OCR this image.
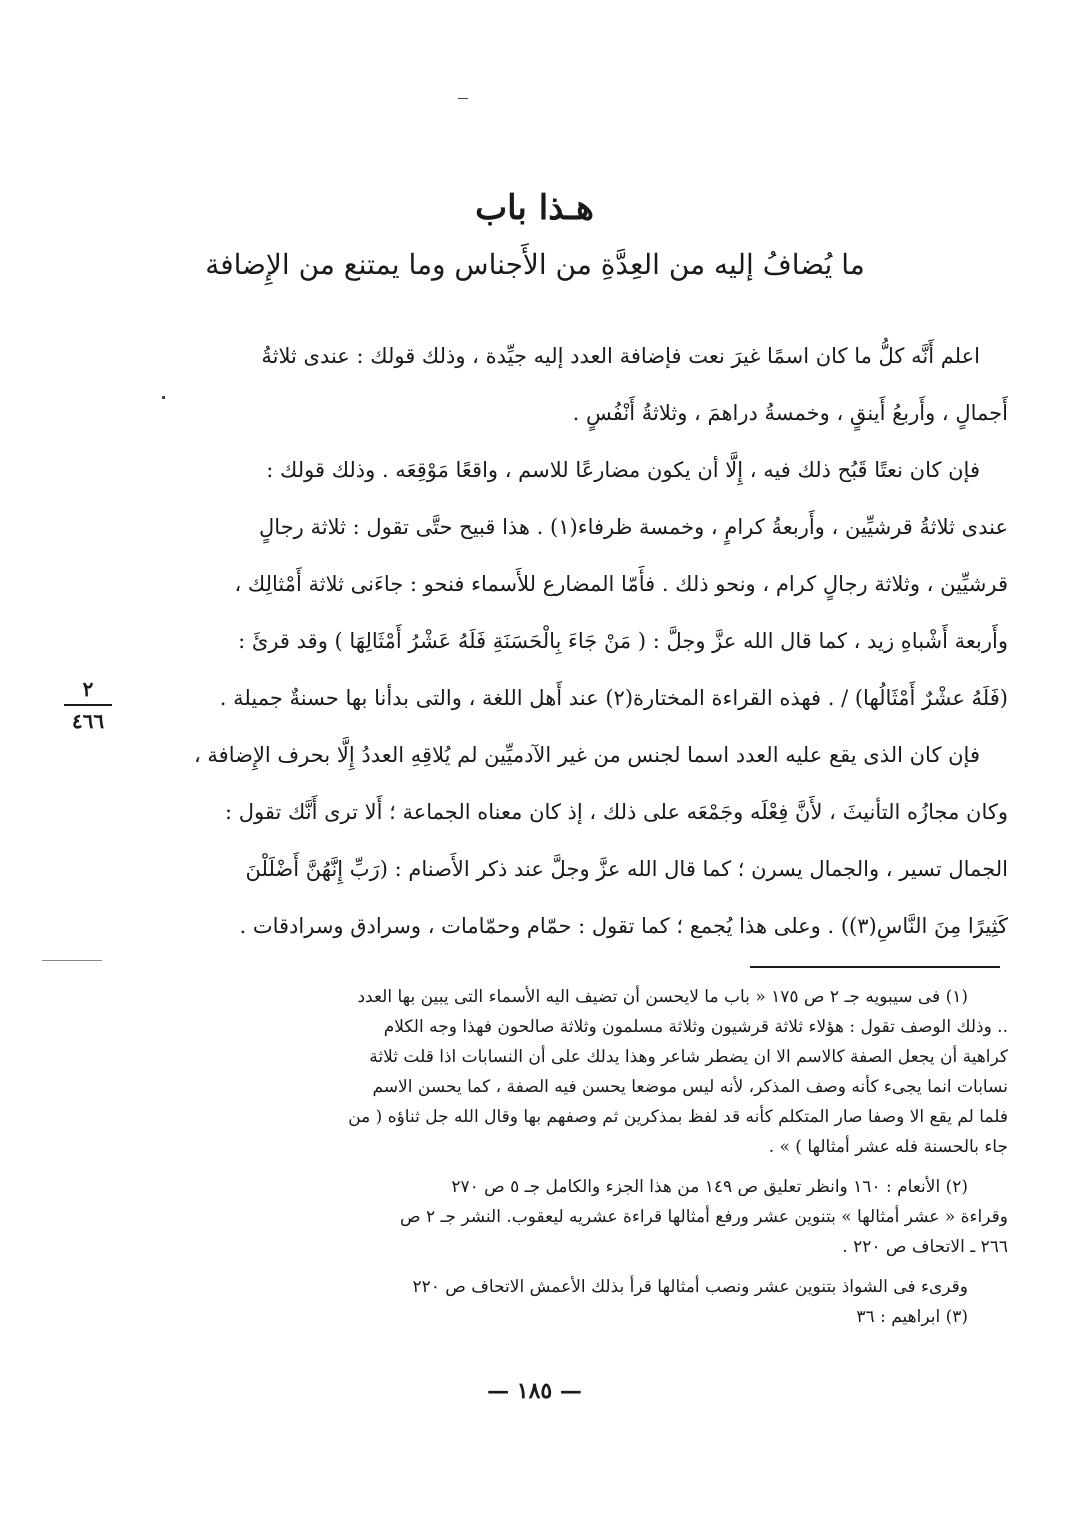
هـذا باب
ما يُضافُ إليه من العِدَّةِ من الأَجناس وما يمتنع من الإِضافة
اعلم أَنَّه كلُّ ما كان اسمًا غيرَ نعت فإضافة العدد إليه جيِّدة ، وذلك قولك : عندى ثلاثةُ
أَجمالٍ ، وأَربعُ أَينقٍ ، وخمسةُ دراهمَ ، وثلاثةُ أَنْفُسٍ .
فإن كان نعتًا قَبُح ذلك فيه ، إِلَّا أن يكون مضارعًا للاسم ، واقعًا مَوْقِعَه . وذلك قولك :
عندى ثلاثةُ قرشيِّين ، وأَربعةُ كرامٍ ، وخمسة ظرفاء(١) . هذا قبيح حتَّى تقول : ثلاثة رجالٍ
قرشيِّين ، وثلاثة رجالٍ كرام ، ونحو ذلك . فأَمّا المضارع للأَسماء فنحو : جاءَنى ثلاثة أَمْثالِك ،
وأَربعة أَشْباهِ زيد ، كما قال الله عزَّ وجلَّ : ( مَنْ جَاءَ بِالْحَسَنَةِ فَلَهُ عَشْرُ أَمْثَالِهَا ) وقد قرئَ :
(فَلَهُ عشْرٌ أَمْثَالُها) / . فهذه القراءة المختارة(٢) عند أَهل اللغة ، والتى بدأنا بها حسنةٌ جميلة .
فإن كان الذى يقع عليه العدد اسما لجنس من غير الآدميِّين لم يُلاقِهِ العددُ إِلَّا بحرف الإِضافة ،
وكان مجازُه التأنيثَ ، لأَنَّ فِعْلَه وجَمْعَه على ذلك ، إذ كان معناه الجماعة ؛ أَلا ترى أَنَّك تقول :
الجمال تسير ، والجمال يسرن ؛ كما قال الله عزَّ وجلَّ عند ذكر الأَصنام : (رَبِّ إِنَّهُنَّ أَضْلَلْنَ
كَثِيرًا مِنَ النَّاسِ(٣)) . وعلى هذا يُجمع ؛ كما تقول : حمّام وحمّامات ، وسرادق وسرادقات .
٢
٤٦٦
(١) فى سيبويه جـ ٢ ص ١٧٥ « باب ما لايحسن أن تضيف اليه الأسماء التى يبين بها العدد
.. وذلك الوصف تقول : هؤلاء ثلاثة قرشيون وثلاثة مسلمون وثلاثة صالحون فهذا وجه الكلام
كراهية أن يجعل الصفة كالاسم الا ان يضطر شاعر وهذا يدلك على أن النسابات اذا قلت ثلاثة
نسابات انما يجىء كأنه وصف المذكر، لأنه ليس موضعا يحسن فيه الصفة ، كما يحسن الاسم
فلما لم يقع الا وصفا صار المتكلم كأنه قد لفظ بمذكرين ثم وصفهم بها وقال الله جل ثناؤه ( من
جاء بالحسنة فله عشر أمثالها ) » .
(٢) الأنعام : ١٦٠ وانظر تعليق ص ١٤٩ من هذا الجزء والكامل جـ ٥ ص ٢٧٠
وقراءة « عشر أمثالها » بتنوين عشر ورفع أمثالها قراءة عشريه ليعقوب. النشر جـ ٢ ص
٢٦٦ ـ الاتحاف ص ٢٢٠ .
وقرىء فى الشواذ بتنوين عشر ونصب أمثالها قرأ بذلك الأعمش الاتحاف ص ٢٢٠
(٣) ابراهيم : ٣٦
— ١٨٥ —
